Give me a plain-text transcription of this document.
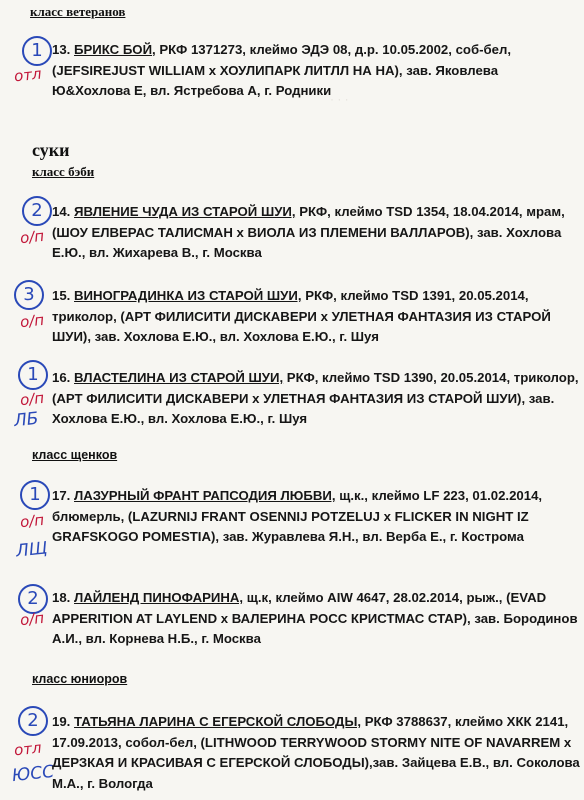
· · ·
класс ветеранов
1
отл
13. БРИКС БОЙ, РКФ 1371273, клеймо ЭДЭ 08, д.р. 10.05.2002, соб-бел, (JEFSIREJUST WILLIAM х ХОУЛИПАРК ЛИТЛЛ НА НА), зав. Яковлева Ю&Хохлова Е, вл. Ястребова А, г. Родники
суки
класс бэби
2
о/п
14. ЯВЛЕНИЕ ЧУДА ИЗ СТАРОЙ ШУИ, РКФ, клеймо TSD 1354, 18.04.2014, мрам, (ШОУ ЕЛВЕРАС ТАЛИСМАН х ВИОЛА ИЗ ПЛЕМЕНИ ВАЛЛАРОВ), зав. Хохлова Е.Ю., вл. Жихарева В., г. Москва
3
о/п
15. ВИНОГРАДИНКА ИЗ СТАРОЙ ШУИ, РКФ, клеймо TSD 1391, 20.05.2014, триколор, (АРТ ФИЛИСИТИ ДИСКАВЕРИ х УЛЕТНАЯ ФАНТАЗИЯ ИЗ СТАРОЙ ШУИ), зав. Хохлова Е.Ю., вл. Хохлова Е.Ю., г. Шуя
1
о/п
ЛБ
16. ВЛАСТЕЛИНА ИЗ СТАРОЙ ШУИ, РКФ, клеймо TSD 1390, 20.05.2014, триколор, (АРТ ФИЛИСИТИ ДИСКАВЕРИ х УЛЕТНАЯ ФАНТАЗИЯ ИЗ СТАРОЙ ШУИ), зав. Хохлова Е.Ю., вл. Хохлова Е.Ю., г. Шуя
класс щенков
1
о/п
ЛЩ
17. ЛАЗУРНЫЙ ФРАНТ РАПСОДИЯ ЛЮБВИ, щ.к., клеймо LF 223, 01.02.2014, блюмерль, (LAZURNIJ FRANT OSENNIJ POTZELUJ x FLICKER IN NIGHT IZ GRAFSKOGO POMESTIA), зав. Журавлева Я.Н., вл. Верба Е., г. Кострома
2
о/п
18. ЛАЙЛЕНД ПИНОФАРИНА, щ.к, клеймо AIW 4647, 28.02.2014, рыж., (EVAD APPERITION AT LAYLEND х ВАЛЕРИНА РОСС КРИСТМАС СТАР), зав. Бородинов А.И., вл. Корнева Н.Б., г. Москва
класс юниоров
2
отл
ЮСС
19. ТАТЬЯНА ЛАРИНА С ЕГЕРСКОЙ СЛОБОДЫ, РКФ 3788637, клеймо ХКК 2141, 17.09.2013, собол-бел, (LITHWOOD TERRYWOOD STORMY NITE OF NAVARREM х ДЕРЗКАЯ И КРАСИВАЯ С ЕГЕРСКОЙ СЛОБОДЫ),зав. Зайцева Е.В., вл. Соколова М.А., г. Вологда
